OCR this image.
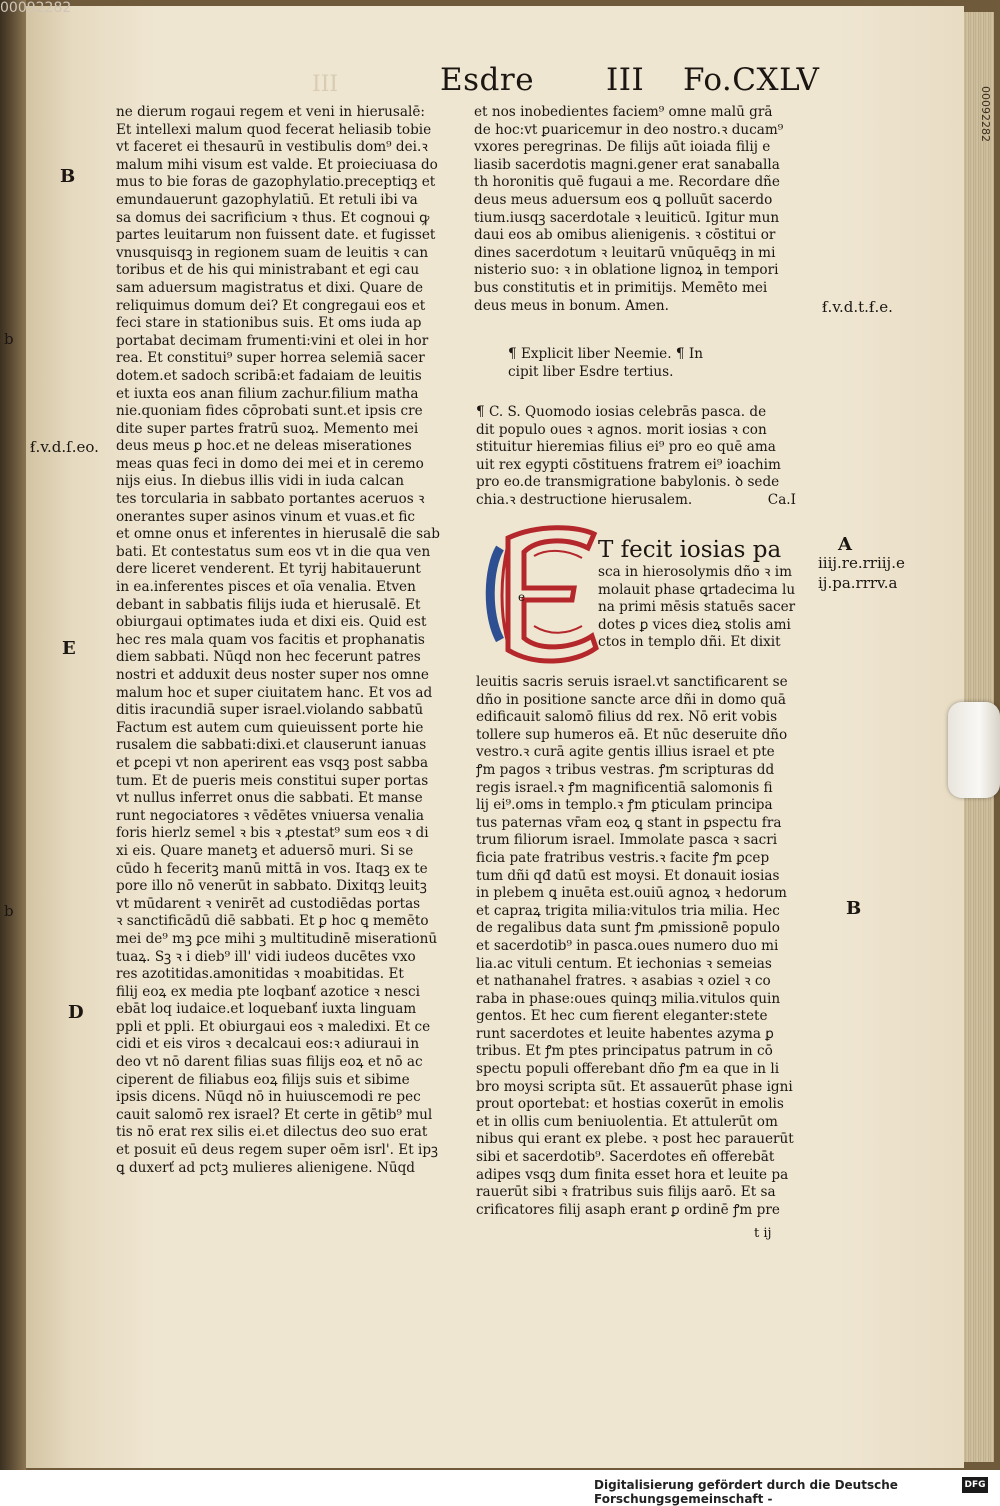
00092282
00092282
III	Esdre III Fo.CXLV
B
ẜ.v.d.ſ.eo.
E
D
b
b
ẜ.v.d.t.ẜ.e.
A
iiij.re.rriij.e
ij.pa.rrrv.a
B
ne dierum rogaui regem et veni in hierusalē:
Et intellexi malum quod fecerat heliasib tobie
vt faceret ei thesaurū in vestibulis dom⁹ dei.ꝛ
malum mihi visum est valde. Et proieciuasa do
mus to bie foras de gazophylatio.preceptiqꝫ et
emundauerunt gazophylatiū. Et retuli ibi va
sa domus dei sacrificium ꝛ thus. Et cognoui ꝙ
partes leuitarum non fuissent date. et fugisset
vnusquisqꝫ in regionem suam de leuitis ꝛ can
toribus et de his qui ministrabant et egi cau
sam aduersum magistratus et dixi. Quare de
reliquimus domum dei? Et congregaui eos et
feci stare in stationibus suis. Et oms iuda ap
portabat decimam frumenti:vini et olei in hor
rea. Et constitui⁹ super horrea selemiā sacer
dotem.et sadoch scribā:et fadaiam de leuitis
et iuxta eos anan filium zachur.filium matha
nie.quoniam fides cōprobati sunt.et ipsis cre
dite super partes fratrū suoꝝ. Memento mei
deus meus ꝑ hoc.et ne deleas miserationes
meas quas feci in domo dei mei et in ceremo
nijs eius. In diebus illis vidi in iuda calcan
tes torcularia in sabbato portantes aceruos ꝛ
onerantes super asinos vinum et vuas.et fic
et omne onus et inferentes in hierusalē die sab
bati. Et contestatus sum eos vt in die qua ven
dere liceret venderent. Et tyrij habitauerunt
in ea.inferentes pisces et oīa venalia. Etven
debant in sabbatis filijs iuda et hierusalē. Et
obiurgaui optimates iuda et dixi eis. Quid est
hec res mala quam vos facitis et prophanatis
diem sabbati. Nūqd non hec fecerunt patres
nostri et adduxit deus noster super nos omne
malum hoc et super ciuitatem hanc. Et vos ad
ditis iracundiā super israel.violando sabbatū
Factum est autem cum quieuissent porte hie
rusalem die sabbati:dixi.et clauserunt ianuas
et ꝑcepi vt non aperirent eas vsqꝫ post sabba
tum. Et de pueris meis constitui super portas
vt nullus inferret onus die sabbati. Et manse
runt negociatores ꝛ vēdētes vniuersa venalia
foris hierlz semel ꝛ bis ꝛ ꝓtestat⁹ sum eos ꝛ di
xi eis. Quare manetꝫ et aduersō muri. Si se
cūdo h̄ feceritꝫ manū mittā in vos. Itaqꝫ ex te
pore illo nō venerūt in sabbato. Dixitqꝫ leuitꝫ
vt mūdarent ꝛ venirēt ad custodiēdas portas
ꝛ sanctificādū diē sabbati. Et ꝑ hoc ꝗ memēto
mei de⁹ mꝫ ꝑce mihi ꝫ multitudinē miserationū
tuaꝝ. Sꝫ ꝛ i dieb⁹ ill' vidi iudeos ducētes vxo
res azotitidas.amonitidas ꝛ moabitidas. Et
filij eoꝝ ex media pte loqbanť azotice ꝛ nesci
ebāt loq iudaice.et loquebanť iuxta linguam
ppli et ppli. Et obiurgaui eos ꝛ maledixi. Et ce
cidi et eis viros ꝛ decalcaui eos:ꝛ adiuraui in
deo vt nō darent filias suas filijs eoꝝ et nō ac
ciperent de filiabus eoꝝ filijs suis et sibime
ipsis dicens. Nūqd nō in huiuscemodi re pec
cauit salomō rex israel? Et certe in gētib⁹ mul
tis nō erat rex silis ei.et dilectus deo suo erat
et posuit eū deus regem super oēm isrl'. Et ipꝫ
ꝗ duxerť ad pctꝫ mulieres alienigene. Nūqd
et nos inobedientes faciem⁹ omne malū grā
de hoc:vt ꝑuaricemur in deo nostro.ꝛ ducam⁹
vxores peregrinas. De filijs aūt ioiada filij e
liasib sacerdotis magni.gener erat sanaballa
th horonitis quē fugaui a me. Recordare dñe
deus meus aduersum eos ꝗ polluūt sacerdo
tium.iusqꝫ sacerdotale ꝛ leuiticū. Igitur mun
daui eos ab omibus alienigenis. ꝛ cōstitui or
dines sacerdotum ꝛ leuitarū vnūquēqꝫ in mi
nisterio suo: ꝛ in oblatione lignoꝝ in tempori
bus constitutis et in primitijs. Memēto mei
deus meus in bonum. Amen.
¶ Explicit liber Neemie. ¶ In
cipit liber Esdre tertius.
¶ C. S. Quomodo iosias celebrās pasca. de
dit populo oues ꝛ agnos. morit iosias ꝛ con
stituitur hieremias filius ei⁹ pro eo quē ama
uit rex egypti cōstituens fratrem ei⁹ ioachim
pro eo.de transmigratione babylonis. ꝺ sede
chia.ꝛ destructione hierusalem.	Ca.I
e
T fecit iosias pa
sca in hierosolymis dño ꝛ im
molauit phase ꝗrtadecima lu
na primi mēsis statuēs sacer
dotes ꝑ vices dieꝝ stolis ami
ctos in templo dñi. Et dixit
leuitis sacris seruis israel.vt sanctificarent se
dño in positione sancte arce dñi in domo quā
edificauit salomō filius dd rex. Nō erit vobis
tollere sup humeros eā. Et nūc deseruite dño
vestro.ꝛ curā agite gentis illius israel et pte
ꝭm pagos ꝛ tribus vestras. ꝭm scripturas dd
regis israel.ꝛ ꝭm magnificentiā salomonis fi
lij ei⁹.oms in templo.ꝛ ꝭm ꝑticulam principa
tus paternas vr̄am eoꝝ ꝗ stant in ꝑspectu fra
trum filiorum israel. Immolate pasca ꝛ sacri
ficia pate fratribus vestris.ꝛ facite ꝭm ꝑcep
tum dñi qđ datū est moysi. Et donauit iosias
in plebem ꝗ inuēta est.ouiū agnoꝝ ꝛ hedorum
et capraꝝ trigita milia:vitulos tria milia. Hec
de regalibus data sunt ꝭm ꝓmissionē populo
et sacerdotib⁹ in pasca.oues numero duo mi
lia.ac vituli centum. Et iechonias ꝛ semeias
et nathanahel fratres. ꝛ asabias ꝛ oziel ꝛ co
raba in phase:oues quinqꝫ milia.vitulos quin
gentos. Et hec cum fierent eleganter:stete
runt sacerdotes et leuite habentes azyma ꝑ
tribus. Et ꝭm ptes principatus patrum in cō
spectu populi offerebant dño ꝭm ea que in li
bro moysi scripta sūt. Et assauerūt phase igni
prout oportebat: et hostias coxerūt in emolis
et in ollis cum beniuolentia. Et attulerūt om
nibus qui erant ex plebe. ꝛ post hec parauerūt
sibi et sacerdotib⁹. Sacerdotes eñ offerebāt
adipes vsqꝫ dum finita esset hora et leuite pa
rauerūt sibi ꝛ fratribus suis filijs aarō. Et sa
crificatores filij asaph erant ꝑ ordinē ꝭm pre
t ij
Digitalisierung gefördert durch die Deutsche Forschungsgemeinschaft -
DFG
